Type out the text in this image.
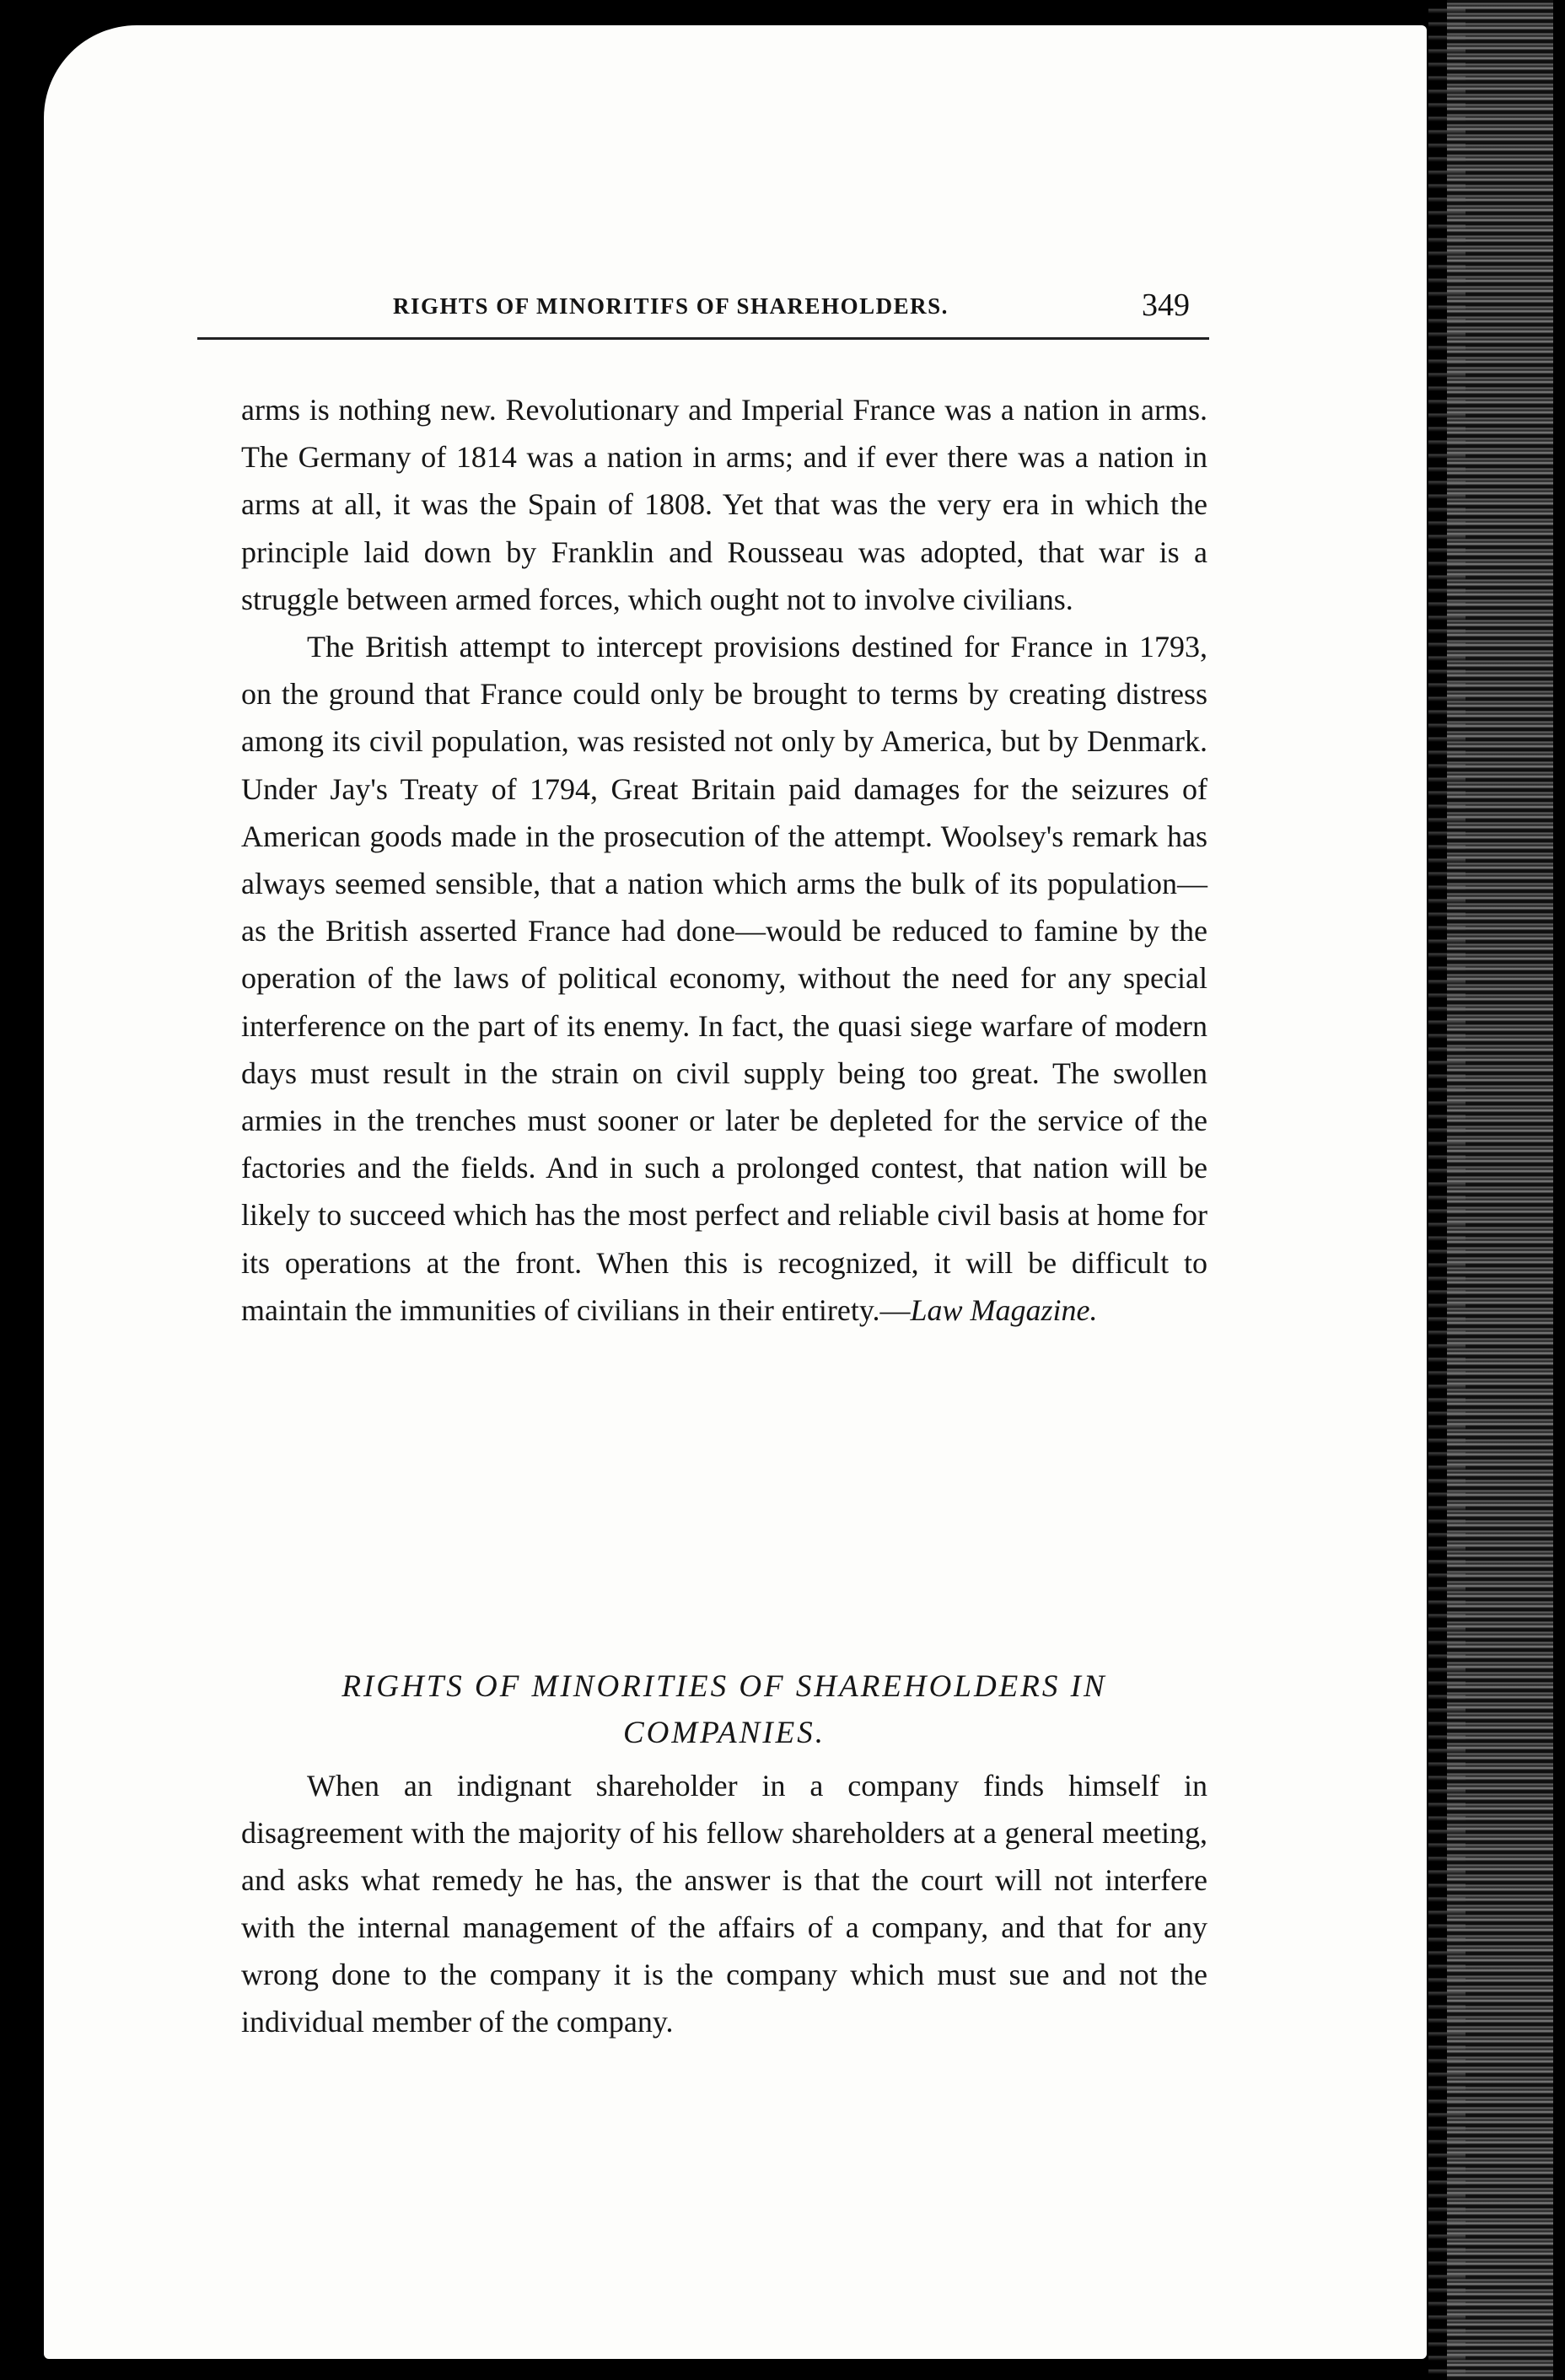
RIGHTS OF MINORITIFS OF SHAREHOLDERS.	349

arms is nothing new. Revolutionary and Imperial France was a nation in arms. The Germany of 1814 was a nation in arms; and if ever there was a nation in arms at all, it was the Spain of 1808. Yet that was the very era in which the principle laid down by Franklin and Rousseau was adopted, that war is a struggle between armed forces, which ought not to involve civilians.

The British attempt to intercept provisions destined for France in 1793, on the ground that France could only be brought to terms by creating distress among its civil population, was resisted not only by America, but by Denmark. Under Jay's Treaty of 1794, Great Britain paid damages for the seizures of American goods made in the prosecution of the attempt. Woolsey's remark has always seemed sensible, that a nation which arms the bulk of its population—as the British asserted France had done—would be reduced to famine by the operation of the laws of political economy, without the need for any special interference on the part of its enemy. In fact, the quasi siege warfare of modern days must result in the strain on civil supply being too great. The swollen armies in the trenches must sooner or later be depleted for the service of the factories and the fields. And in such a prolonged contest, that nation will be likely to succeed which has the most perfect and reliable civil basis at home for its operations at the front. When this is recognized, it will be difficult to maintain the immunities of civilians in their entirety.—Law Magazine.

RIGHTS OF MINORITIES OF SHAREHOLDERS IN COMPANIES.

When an indignant shareholder in a company finds himself in disagreement with the majority of his fellow shareholders at a general meeting, and asks what remedy he has, the answer is that the court will not interfere with the internal management of the affairs of a company, and that for any wrong done to the company it is the company which must sue and not the individual member of the company.
